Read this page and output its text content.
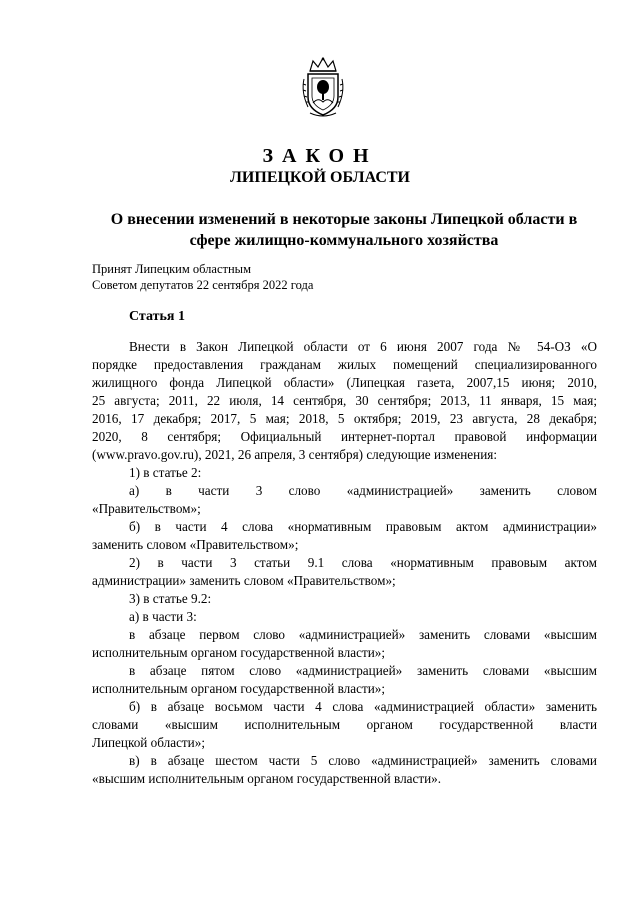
ЗАКОН
ЛИПЕЦКОЙ ОБЛАСТИ
О внесении изменений в некоторые законы Липецкой области в
сфере жилищно-коммунального хозяйства
Принят Липецким областным
Советом депутатов 22 сентября 2022 года
Статья 1
Внести в Закон Липецкой области от 6 июня 2007 года № 54-ОЗ «О
порядке предоставления гражданам жилых помещений специализированного
жилищного фонда Липецкой области» (Липецкая газета, 2007,15 июня; 2010,
25 августа; 2011, 22 июля, 14 сентября, 30 сентября; 2013, 11 января, 15 мая;
2016, 17 декабря; 2017, 5 мая; 2018, 5 октября; 2019, 23 августа, 28 декабря;
2020, 8 сентября; Официальный интернет-портал правовой информации
(www.pravo.gov.ru), 2021, 26 апреля, 3 сентября) следующие изменения:
1) в статье 2:
а) в части 3 слово «администрацией» заменить словом
«Правительством»;
б) в части 4 слова «нормативным правовым актом администрации»
заменить словом «Правительством»;
2) в части 3 статьи 9.1 слова «нормативным правовым актом
администрации» заменить словом «Правительством»;
3) в статье 9.2:
а) в части 3:
в абзаце первом слово «администрацией» заменить словами «высшим
исполнительным органом государственной власти»;
в абзаце пятом слово «администрацией» заменить словами «высшим
исполнительным органом государственной власти»;
б) в абзаце восьмом части 4 слова «администрацией области» заменить
словами «высшим исполнительным органом государственной власти
Липецкой области»;
в) в абзаце шестом части 5 слово «администрацией» заменить словами
«высшим исполнительным органом государственной власти».
